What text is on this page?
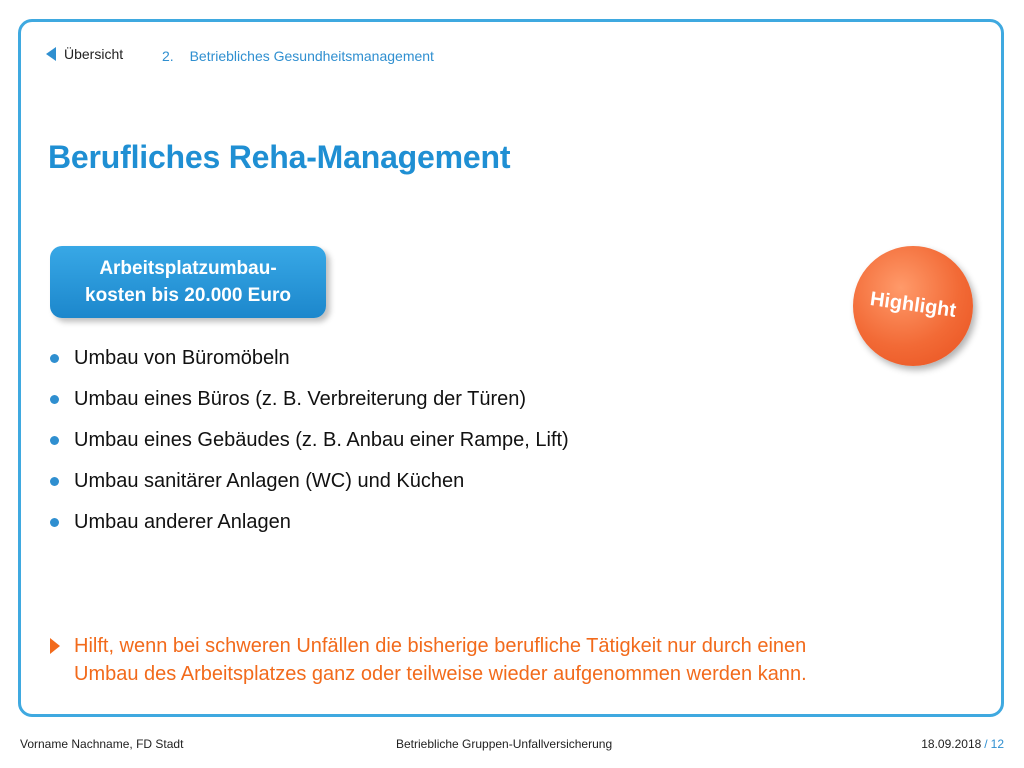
Übersicht	2. Betriebliches Gesundheitsmanagement
Berufliches Reha-Management
Arbeitsplatzumbau-
kosten bis 20.000 Euro	Highlight
Umbau von Büromöbeln
Umbau eines Büros (z. B. Verbreiterung der Türen)
Umbau eines Gebäudes (z. B. Anbau einer Rampe, Lift)
Umbau sanitärer Anlagen (WC) und Küchen
Umbau anderer Anlagen
Hilft, wenn bei schweren Unfällen die bisherige berufliche Tätigkeit nur durch einen
Umbau des Arbeitsplatzes ganz oder teilweise wieder aufgenommen werden kann.
Vorname Nachname, FD Stadt	Betriebliche Gruppen-Unfallversicherung	18.09.2018 / 12
